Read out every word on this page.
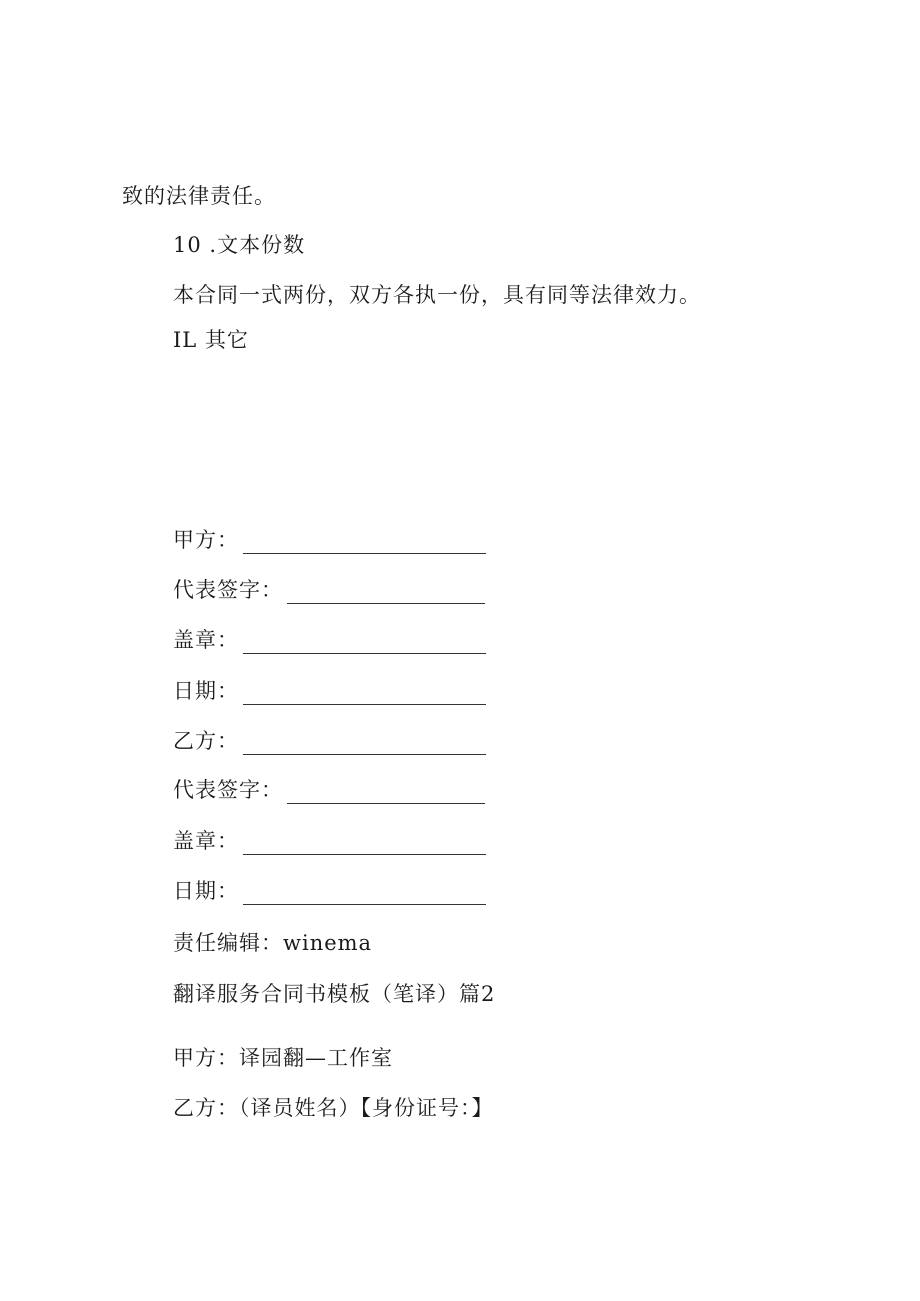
致的法律责任。
10 .文本份数
本合同一式两份，双方各执一份，具有同等法律效力。
IL 其它
甲方：
代表签字：
盖章：
日期：
乙方：
代表签字：
盖章：
日期：
责任编辑：winema
翻译服务合同书模板（笔译）篇2
甲方：译园翻—工作室
乙方：（译员姓名）【身份证号：】
